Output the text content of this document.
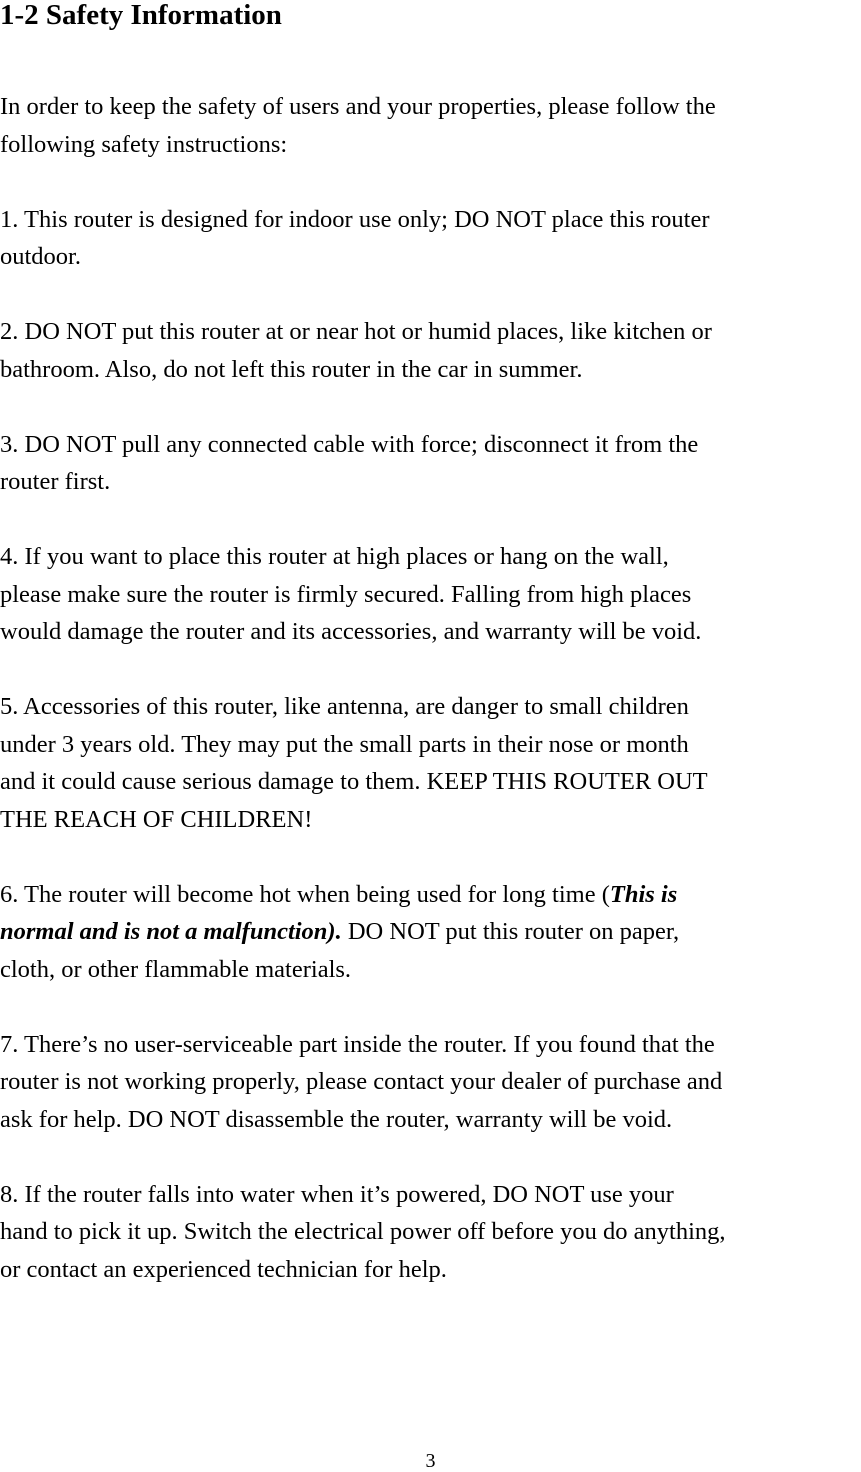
1-2 Safety Information

In order to keep the safety of users and your properties, please follow the
following safety instructions:

1. This router is designed for indoor use only; DO NOT place this router
outdoor.

2. DO NOT put this router at or near hot or humid places, like kitchen or
bathroom. Also, do not left this router in the car in summer.

3. DO NOT pull any connected cable with force; disconnect it from the
router first.

4. If you want to place this router at high places or hang on the wall,
please make sure the router is firmly secured. Falling from high places
would damage the router and its accessories, and warranty will be void.

5. Accessories of this router, like antenna, are danger to small children
under 3 years old. They may put the small parts in their nose or month
and it could cause serious damage to them. KEEP THIS ROUTER OUT
THE REACH OF CHILDREN!

6. The router will become hot when being used for long time (This is
normal and is not a malfunction). DO NOT put this router on paper,
cloth, or other flammable materials.

7. There’s no user-serviceable part inside the router. If you found that the
router is not working properly, please contact your dealer of purchase and
ask for help. DO NOT disassemble the router, warranty will be void.

8. If the router falls into water when it’s powered, DO NOT use your
hand to pick it up. Switch the electrical power off before you do anything,
or contact an experienced technician for help.

3
